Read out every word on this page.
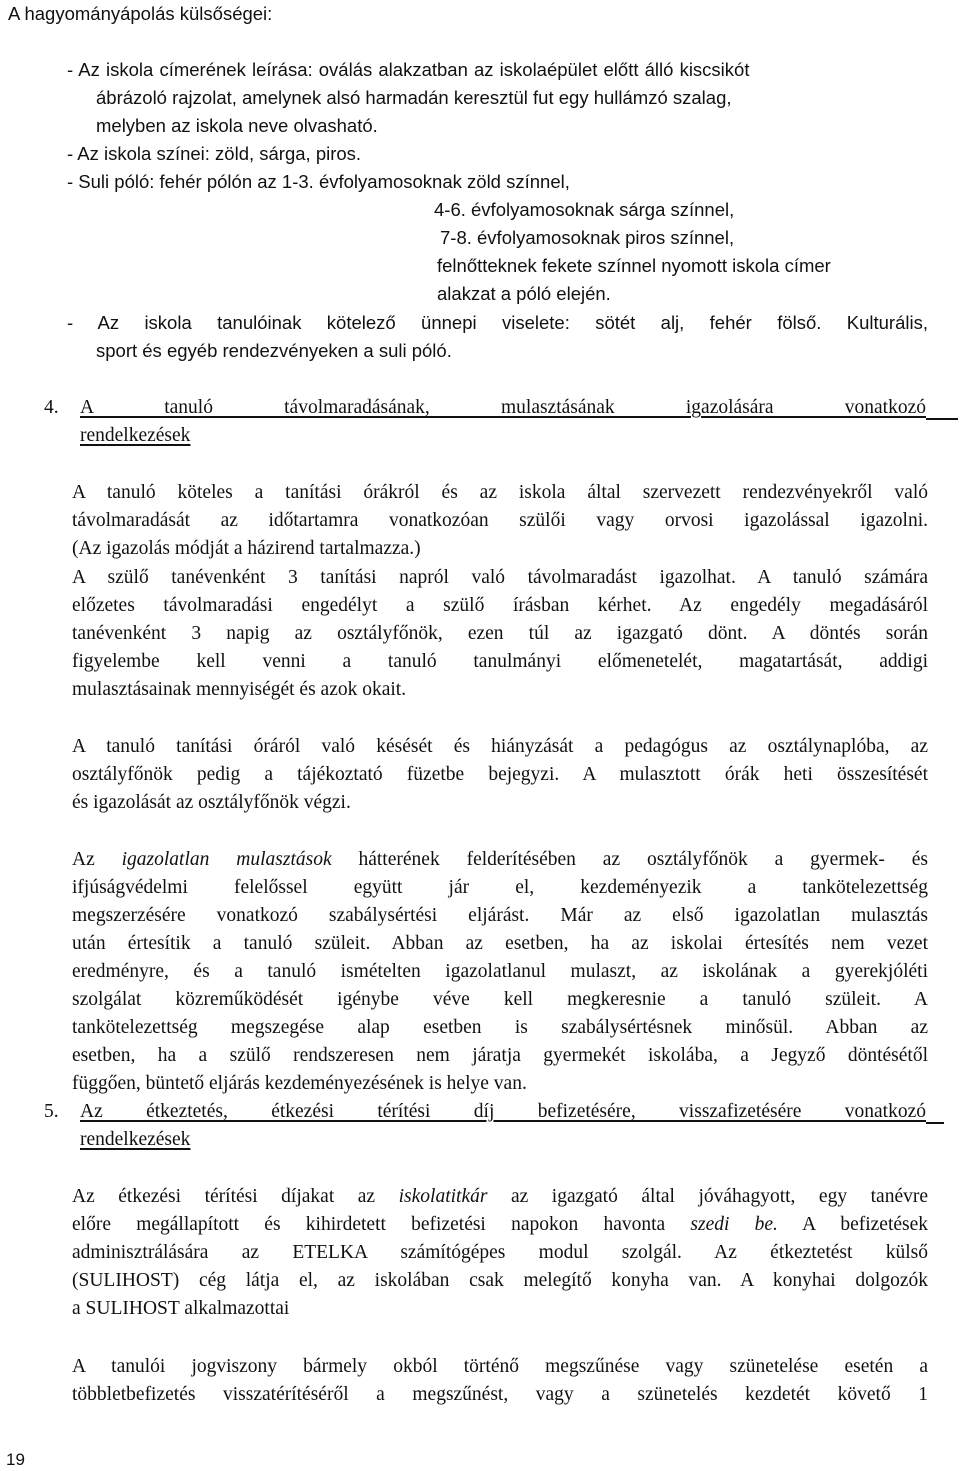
A hagyományápolás külsőségei:
- Az iskola címerének leírása: oválás alakzatban az iskolaépület előtt álló kiscsikót
ábrázoló rajzolat, amelynek alsó harmadán keresztül fut egy hullámzó szalag,
melyben az iskola neve olvasható.
- Az iskola színei: zöld, sárga, piros.
- Suli póló: fehér pólón az 1-3. évfolyamosoknak zöld színnel,
4-6. évfolyamosoknak sárga színnel,
7-8. évfolyamosoknak piros színnel,
felnőtteknek fekete színnel nyomott iskola címer
alakzat a póló elején.
- Az iskola tanulóinak kötelező ünnepi viselete: sötét alj, fehér fölső. Kulturális,
sport és egyéb rendezvényeken a suli póló.
4. A tanuló távolmaradásának, mulasztásának igazolására vonatkozó
rendelkezések
A tanuló köteles a tanítási órákról és az iskola által szervezett rendezvényekről való
távolmaradását az időtartamra vonatkozóan szülői vagy orvosi igazolással igazolni.
(Az igazolás módját a házirend tartalmazza.)
A szülő tanévenként 3 tanítási napról való távolmaradást igazolhat. A tanuló számára
előzetes távolmaradási engedélyt a szülő írásban kérhet. Az engedély megadásáról
tanévenként 3 napig az osztályfőnök, ezen túl az igazgató dönt. A döntés során
figyelembe kell venni a tanuló tanulmányi előmenetelét, magatartását, addigi
mulasztásainak mennyiségét és azok okait.
A tanuló tanítási óráról való késését és hiányzását a pedagógus az osztálynaplóba, az
osztályfőnök pedig a tájékoztató füzetbe bejegyzi. A mulasztott órák heti összesítését
és igazolását az osztályfőnök végzi.
Az igazolatlan mulasztások hátterének felderítésében az osztályfőnök a gyermek- és
ifjúságvédelmi felelőssel együtt jár el, kezdeményezik a tankötelezettség
megszerzésére vonatkozó szabálysértési eljárást. Már az első igazolatlan mulasztás
után értesítik a tanuló szüleit. Abban az esetben, ha az iskolai értesítés nem vezet
eredményre, és a tanuló ismételten igazolatlanul mulaszt, az iskolának a gyerekjóléti
szolgálat közreműködését igénybe véve kell megkeresnie a tanuló szüleit. A
tankötelezettség megszegése alap esetben is szabálysértésnek minősül. Abban az
esetben, ha a szülő rendszeresen nem járatja gyermekét iskolába, a Jegyző döntésétől
függően, büntető eljárás kezdeményezésének is helye van.
5. Az étkeztetés, étkezési térítési díj befizetésére, visszafizetésére vonatkozó
rendelkezések
Az étkezési térítési díjakat az iskolatitkár az igazgató által jóváhagyott, egy tanévre
előre megállapított és kihirdetett befizetési napokon havonta szedi be. A befizetések
adminisztrálására az ETELKA számítógépes modul szolgál. Az étkeztetést külső
(SULIHOST) cég látja el, az iskolában csak melegítő konyha van. A konyhai dolgozók
a SULIHOST alkalmazottai
A tanulói jogviszony bármely okból történő megszűnése vagy szünetelése esetén a
többletbefizetés visszatérítéséről a megszűnést, vagy a szünetelés kezdetét követő 1
19
